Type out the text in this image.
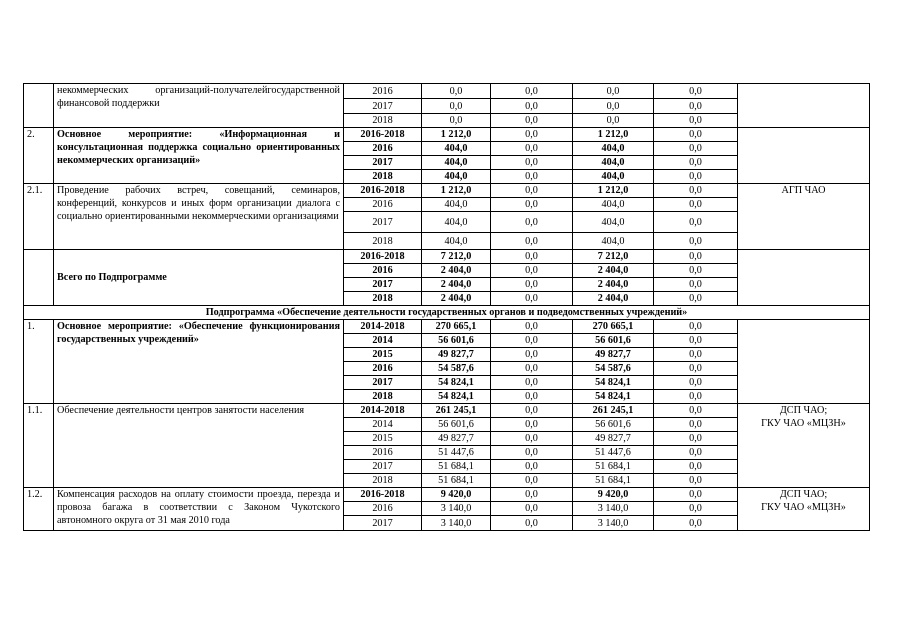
	некоммерческих организаций-получателейгосударственной финансовой поддержки	2016	0,0	0,0	0,0	0,0	
		2017	0,0	0,0	0,0	0,0	
		2018	0,0	0,0	0,0	0,0	
2.	Основное мероприятие: «Информационная и консультационная поддержка социально ориентированных некоммерческих организаций»	2016-2018	1 212,0	0,0	1 212,0	0,0	
		2016	404,0	0,0	404,0	0,0	
		2017	404,0	0,0	404,0	0,0	
		2018	404,0	0,0	404,0	0,0	
2.1.	Проведение рабочих встреч, совещаний, семинаров, конференций, конкурсов и иных форм организации диалога с социально ориентированными некоммерческими организациями	2016-2018	1 212,0	0,0	1 212,0	0,0	АГП ЧАО
		2016	404,0	0,0	404,0	0,0	
		2017	404,0	0,0	404,0	0,0	
		2018	404,0	0,0	404,0	0,0	
	Всего по Подпрограмме	2016-2018	7 212,0	0,0	7 212,0	0,0	
		2016	2 404,0	0,0	2 404,0	0,0	
		2017	2 404,0	0,0	2 404,0	0,0	
		2018	2 404,0	0,0	2 404,0	0,0	
Подпрограмма «Обеспечение деятельности государственных органов и подведомственных учреждений»							
1.	Основное мероприятие: «Обеспечение функционирования государственных учреждений»	2014-2018	270 665,1	0,0	270 665,1	0,0	
		2014	56 601,6	0,0	56 601,6	0,0	
		2015	49 827,7	0,0	49 827,7	0,0	
		2016	54 587,6	0,0	54 587,6	0,0	
		2017	54 824,1	0,0	54 824,1	0,0	
		2018	54 824,1	0,0	54 824,1	0,0	
1.1.	Обеспечение деятельности центров занятости населения	2014-2018	261 245,1	0,0	261 245,1	0,0	ДСП ЧАО;
ГКУ ЧАО «МЦЗН»
		2014	56 601,6	0,0	56 601,6	0,0	
		2015	49 827,7	0,0	49 827,7	0,0	
		2016	51 447,6	0,0	51 447,6	0,0	
		2017	51 684,1	0,0	51 684,1	0,0	
		2018	51 684,1	0,0	51 684,1	0,0	
1.2.	Компенсация расходов на оплату стоимости проезда, перезда и провоза багажа в соответствии с Законом Чукотского автономного округа от 31 мая 2010 года	2016-2018	9 420,0	0,0	9 420,0	0,0	ДСП ЧАО;
ГКУ ЧАО «МЦЗН»
		2016	3 140,0	0,0	3 140,0	0,0	
		2017	3 140,0	0,0	3 140,0	0,0	
